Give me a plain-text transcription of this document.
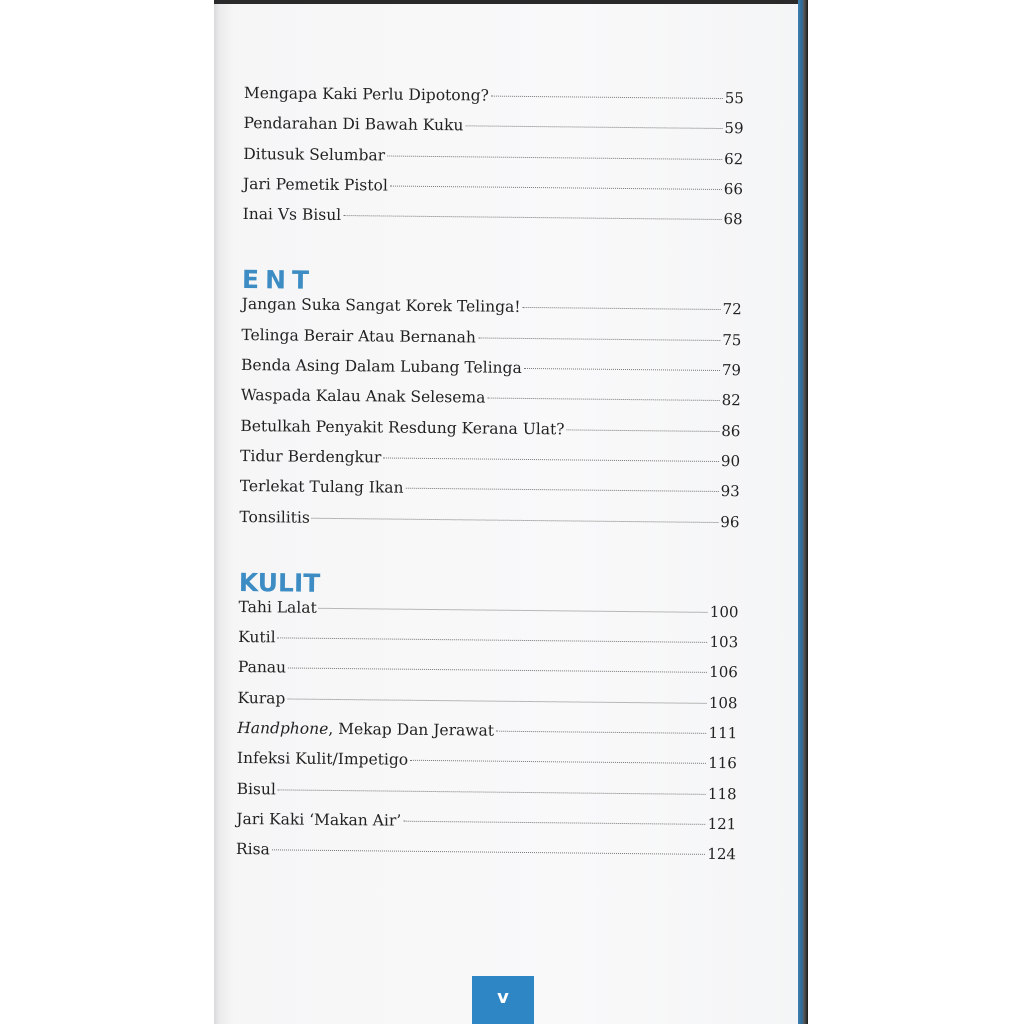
Mengapa Kaki Perlu Dipotong?	55
Pendarahan Di Bawah Kuku	59
Ditusuk Selumbar	62
Jari Pemetik Pistol	66
Inai Vs Bisul	68
ENT
Jangan Suka Sangat Korek Telinga!	72
Telinga Berair Atau Bernanah	75
Benda Asing Dalam Lubang Telinga	79
Waspada Kalau Anak Selesema	82
Betulkah Penyakit Resdung Kerana Ulat?	86
Tidur Berdengkur	90
Terlekat Tulang Ikan	93
Tonsilitis	96
KULIT
Tahi Lalat	100
Kutil	103
Panau	106
Kurap	108
Handphone, Mekap Dan Jerawat	111
Infeksi Kulit/Impetigo	116
Bisul	118
Jari Kaki ‘Makan Air’	121
Risa	124
v
